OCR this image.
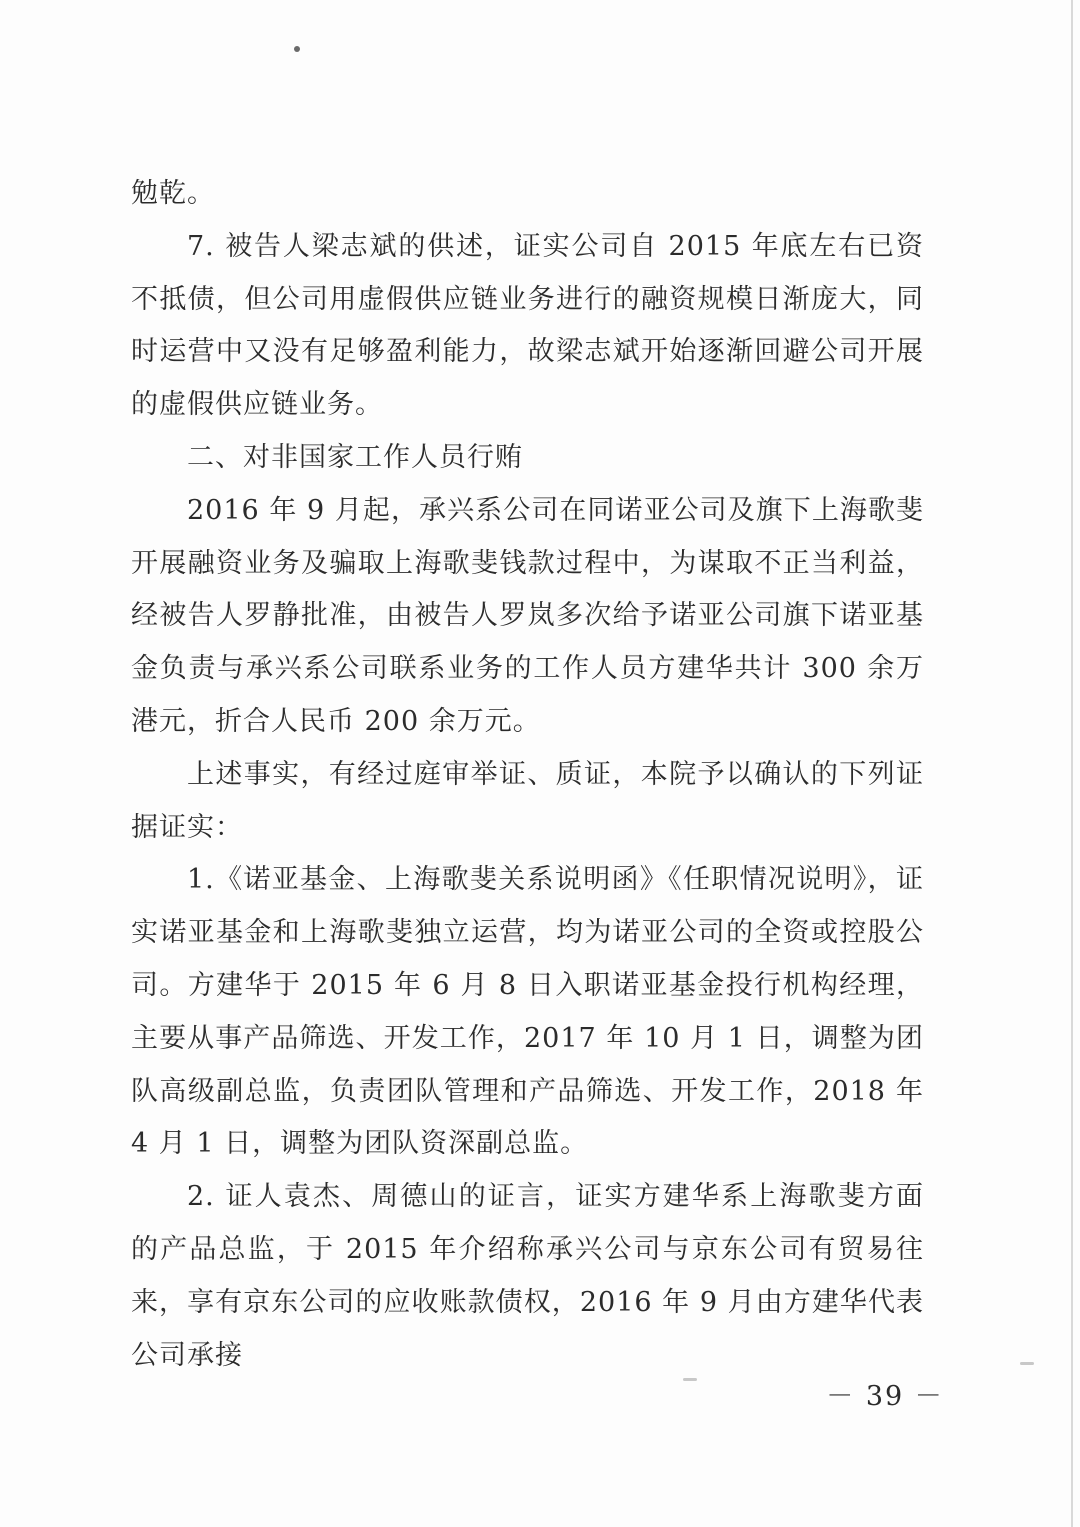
勉乾。

7. 被告人梁志斌的供述，证实公司自 2015 年底左右已资不抵债，但公司用虚假供应链业务进行的融资规模日渐庞大，同时运营中又没有足够盈利能力，故梁志斌开始逐渐回避公司开展的虚假供应链业务。

二、对非国家工作人员行贿

2016 年 9 月起，承兴系公司在同诺亚公司及旗下上海歌斐开展融资业务及骗取上海歌斐钱款过程中，为谋取不正当利益，经被告人罗静批准，由被告人罗岚多次给予诺亚公司旗下诺亚基金负责与承兴系公司联系业务的工作人员方建华共计 300 余万港元，折合人民币 200 余万元。

上述事实，有经过庭审举证、质证，本院予以确认的下列证据证实：

1.《诺亚基金、上海歌斐关系说明函》《任职情况说明》，证实诺亚基金和上海歌斐独立运营，均为诺亚公司的全资或控股公司。方建华于 2015 年 6 月 8 日入职诺亚基金投行机构经理，主要从事产品筛选、开发工作，2017 年 10 月 1 日，调整为团队高级副总监，负责团队管理和产品筛选、开发工作，2018 年 4 月 1 日，调整为团队资深副总监。

2. 证人袁杰、周德山的证言，证实方建华系上海歌斐方面的产品总监，于 2015 年介绍称承兴公司与京东公司有贸易往来，享有京东公司的应收账款债权，2016 年 9 月由方建华代表公司承接

－ 39 －
